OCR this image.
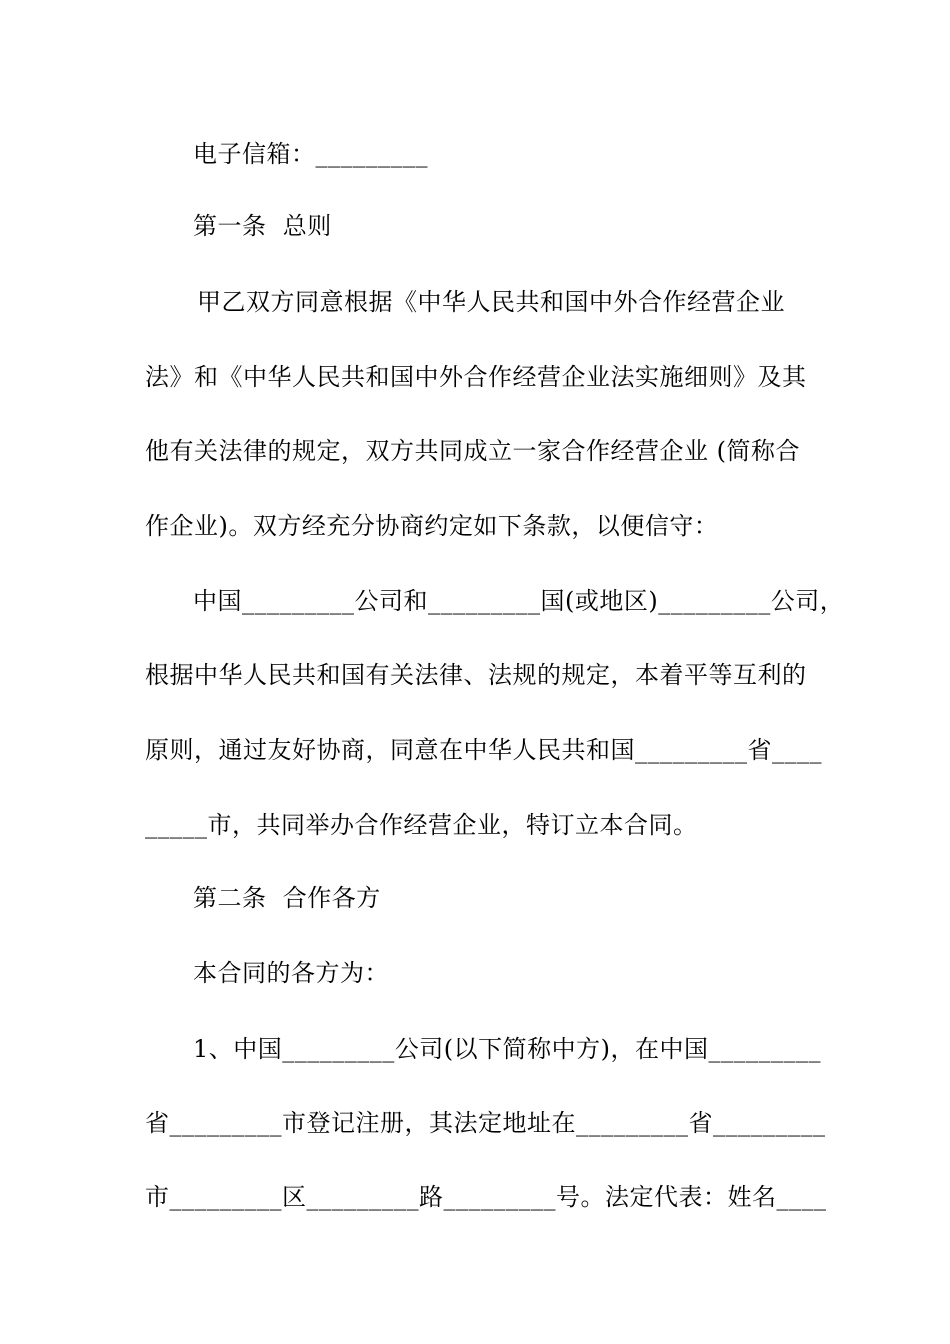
电子信箱：_________
第一条  总则
甲乙双方同意根据《中华人民共和国中外合作经营企业
法》和《中华人民共和国中外合作经营企业法实施细则》及其
他有关法律的规定，双方共同成立一家合作经营企业 (简称合
作企业)。双方经充分协商约定如下条款，以便信守：
中国_________公司和_________国(或地区)_________公司，
根据中华人民共和国有关法律、法规的规定，本着平等互利的
原则，通过友好协商，同意在中华人民共和国_________省____
_____市，共同举办合作经营企业，特订立本合同。
第二条  合作各方
本合同的各方为：
1、中国_________公司(以下简称中方)，在中国_________
省_________市登记注册，其法定地址在_________省_________
市_________区_________路_________号。法定代表：姓名____
